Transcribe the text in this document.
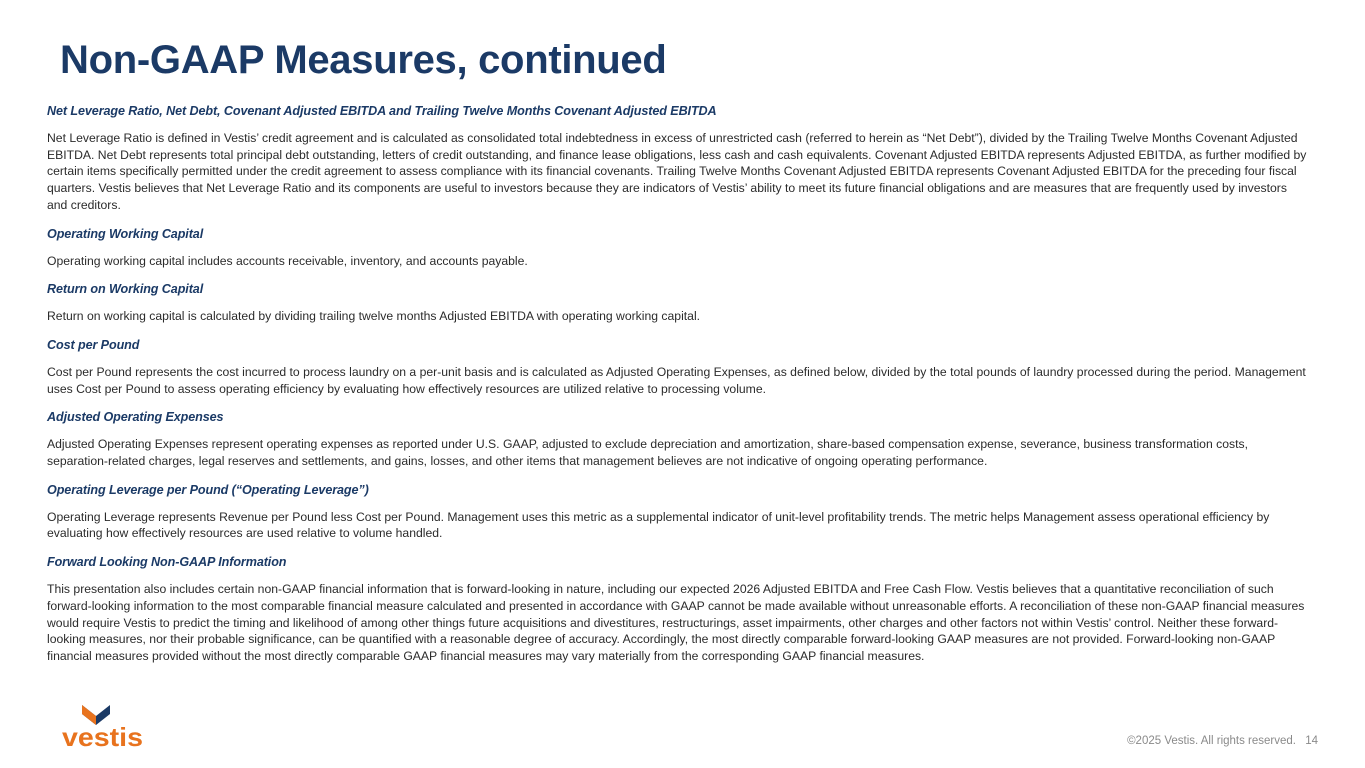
Non-GAAP Measures, continued
Net Leverage Ratio, Net Debt, Covenant Adjusted EBITDA and Trailing Twelve Months Covenant Adjusted EBITDA
Net Leverage Ratio is defined in Vestis’ credit agreement and is calculated as consolidated total indebtedness in excess of unrestricted cash (referred to herein as “Net Debt”), divided by the Trailing Twelve Months Covenant Adjusted EBITDA. Net Debt represents total principal debt outstanding, letters of credit outstanding, and finance lease obligations, less cash and cash equivalents. Covenant Adjusted EBITDA represents Adjusted EBITDA, as further modified by certain items specifically permitted under the credit agreement to assess compliance with its financial covenants. Trailing Twelve Months Covenant Adjusted EBITDA represents Covenant Adjusted EBITDA for the preceding four fiscal quarters. Vestis believes that Net Leverage Ratio and its components are useful to investors because they are indicators of Vestis’ ability to meet its future financial obligations and are measures that are frequently used by investors and creditors.
Operating Working Capital
Operating working capital includes accounts receivable, inventory, and accounts payable.
Return on Working Capital
Return on working capital is calculated by dividing trailing twelve months Adjusted EBITDA with operating working capital.
Cost per Pound
Cost per Pound represents the cost incurred to process laundry on a per-unit basis and is calculated as Adjusted Operating Expenses, as defined below, divided by the total pounds of laundry processed during the period. Management uses Cost per Pound to assess operating efficiency by evaluating how effectively resources are utilized relative to processing volume.
Adjusted Operating Expenses
Adjusted Operating Expenses represent operating expenses as reported under U.S. GAAP, adjusted to exclude depreciation and amortization, share-based compensation expense, severance, business transformation costs, separation-related charges, legal reserves and settlements, and gains, losses, and other items that management believes are not indicative of ongoing operating performance.
Operating Leverage per Pound (“Operating Leverage”)
Operating Leverage represents Revenue per Pound less Cost per Pound. Management uses this metric as a supplemental indicator of unit-level profitability trends. The metric helps Management assess operational efficiency by evaluating how effectively resources are used relative to volume handled.
Forward Looking Non-GAAP Information
This presentation also includes certain non-GAAP financial information that is forward-looking in nature, including our expected 2026 Adjusted EBITDA and Free Cash Flow. Vestis believes that a quantitative reconciliation of such forward-looking information to the most comparable financial measure calculated and presented in accordance with GAAP cannot be made available without unreasonable efforts. A reconciliation of these non-GAAP financial measures would require Vestis to predict the timing and likelihood of among other things future acquisitions and divestitures, restructurings, asset impairments, other charges and other factors not within Vestis’ control. Neither these forward-looking measures, nor their probable significance, can be quantified with a reasonable degree of accuracy. Accordingly, the most directly comparable forward-looking GAAP measures are not provided. Forward-looking non-GAAP financial measures provided without the most directly comparable GAAP financial measures may vary materially from the corresponding GAAP financial measures.
vestis	©2025 Vestis. All rights reserved. 14
